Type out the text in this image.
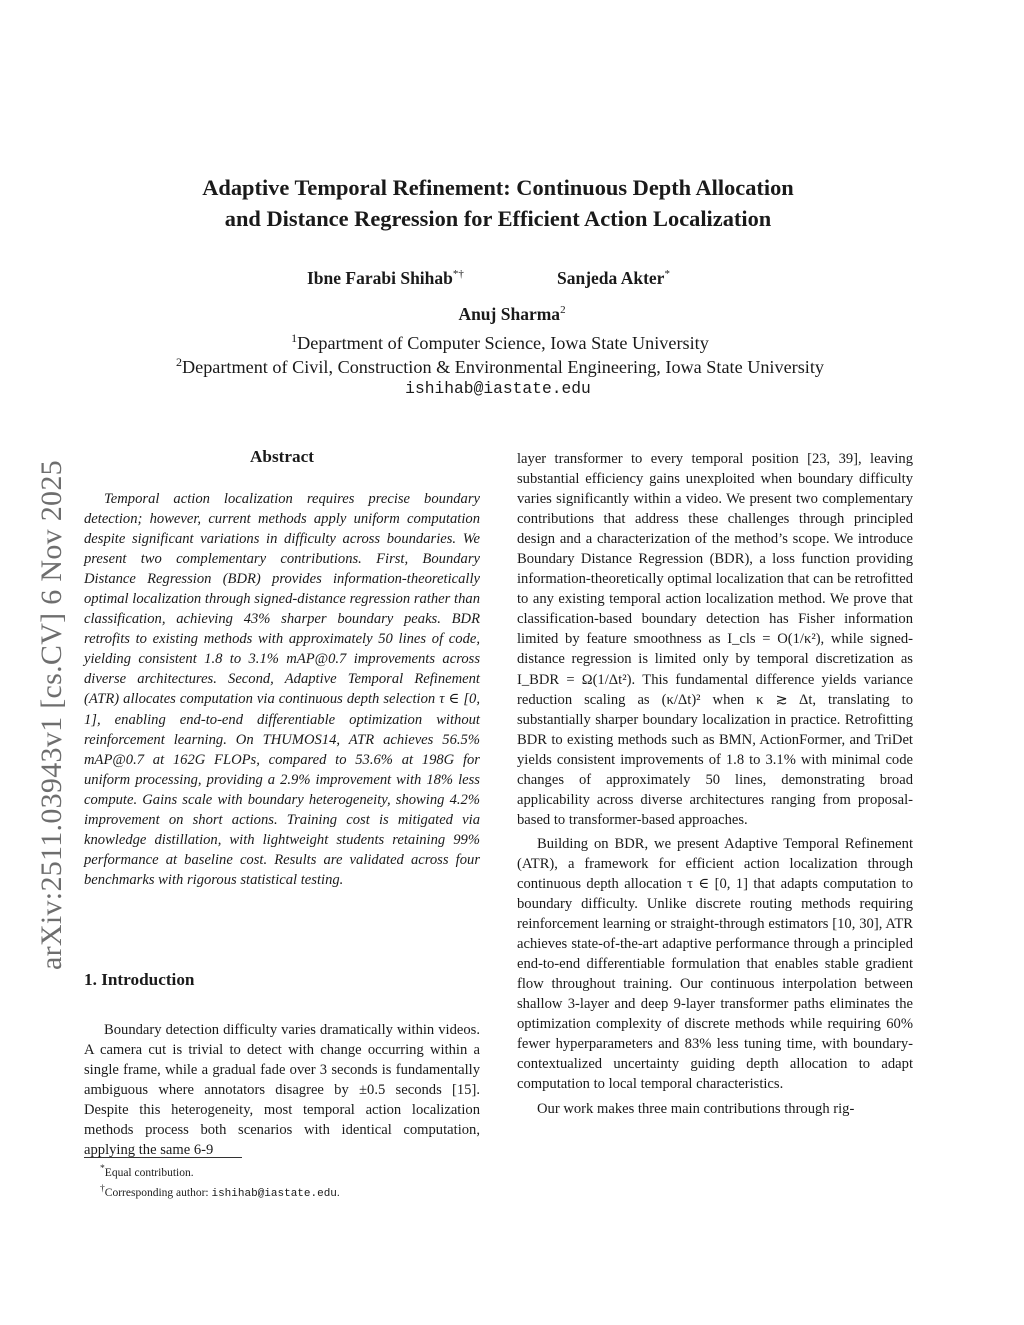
arXiv:2511.03943v1 [cs.CV] 6 Nov 2025
Adaptive Temporal Refinement: Continuous Depth Allocation
and Distance Regression for Efficient Action Localization
Ibne Farabi Shihab*†	Sanjeda Akter*
Anuj Sharma$^2$
$^1$Department of Computer Science, Iowa State University
$^2$Department of Civil, Construction & Environmental Engineering, Iowa State University
ishihab@iastate.edu
Abstract

Temporal action localization requires precise boundary detection; however, current methods apply uniform computation despite significant variations in difficulty across boundaries. We present two complementary contributions. First, Boundary Distance Regression (BDR) provides information-theoretically optimal localization through signed-distance regression rather than classification, achieving 43% sharper boundary peaks. BDR retrofits to existing methods with approximately 50 lines of code, yielding consistent 1.8 to 3.1% mAP@0.7 improvements across diverse architectures. Second, Adaptive Temporal Refinement (ATR) allocates computation via continuous depth selection τ ∈ [0, 1], enabling end-to-end differentiable optimization without reinforcement learning. On THUMOS14, ATR achieves 56.5% mAP@0.7 at 162G FLOPs, compared to 53.6% at 198G for uniform processing, providing a 2.9% improvement with 18% less compute. Gains scale with boundary heterogeneity, showing 4.2% improvement on short actions. Training cost is mitigated via knowledge distillation, with lightweight students retaining 99% performance at baseline cost. Results are validated across four benchmarks with rigorous statistical testing.

1. Introduction

Boundary detection difficulty varies dramatically within videos. A camera cut is trivial to detect with change occurring within a single frame, while a gradual fade over 3 seconds is fundamentally ambiguous where annotators disagree by ±0.5 seconds [15]. Despite this heterogeneity, most temporal action localization methods process both scenarios with identical computation, applying the same 6-9

*Equal contribution.
†Corresponding author: ishihab@iastate.edu.

layer transformer to every temporal position [23, 39], leaving substantial efficiency gains unexploited when boundary difficulty varies significantly within a video. We present two complementary contributions that address these challenges through principled design and a characterization of the method’s scope. We introduce Boundary Distance Regression (BDR), a loss function providing information-theoretically optimal localization that can be retrofitted to any existing temporal action localization method. We prove that classification-based boundary detection has Fisher information limited by feature smoothness as I_cls = O(1/κ²), while signed-distance regression is limited only by temporal discretization as I_BDR = Ω(1/Δt²). This fundamental difference yields variance reduction scaling as (κ/Δt)² when κ ≳ Δt, translating to substantially sharper boundary localization in practice. Retrofitting BDR to existing methods such as BMN, ActionFormer, and TriDet yields consistent improvements of 1.8 to 3.1% with minimal code changes of approximately 50 lines, demonstrating broad applicability across diverse architectures ranging from proposal-based to transformer-based approaches.

Building on BDR, we present Adaptive Temporal Refinement (ATR), a framework for efficient action localization through continuous depth allocation τ ∈ [0, 1] that adapts computation to boundary difficulty. Unlike discrete routing methods requiring reinforcement learning or straight-through estimators [10, 30], ATR achieves state-of-the-art adaptive performance through a principled end-to-end differentiable formulation that enables stable gradient flow throughout training. Our continuous interpolation between shallow 3-layer and deep 9-layer transformer paths eliminates the optimization complexity of discrete methods while requiring 60% fewer hyperparameters and 83% less tuning time, with boundary-contextualized uncertainty guiding depth allocation to adapt computation to local temporal characteristics.

Our work makes three main contributions through rig-
